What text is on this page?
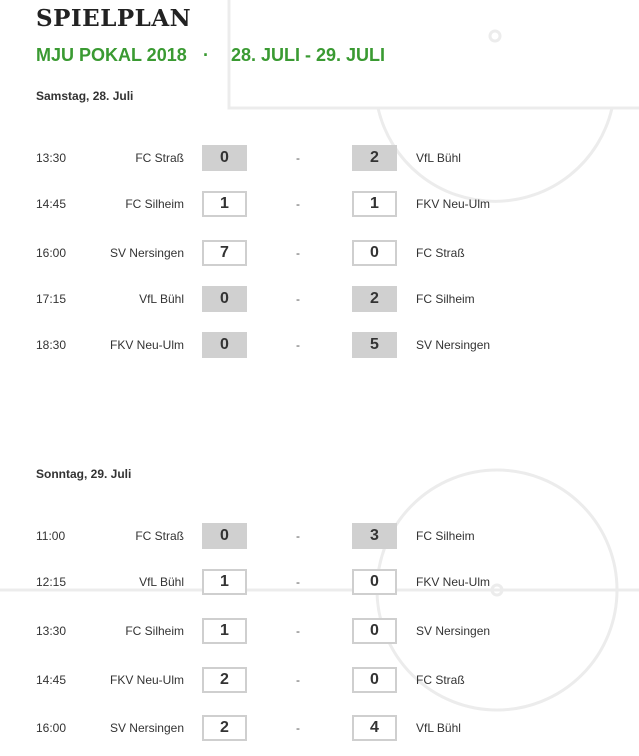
SPIELPLAN
MJU POKAL 2018 · 28. JULI - 29. JULI
Samstag, 28. Juli
13:30	FC Straß	0	-	2	VfL Bühl
14:45	FC Silheim	1	-	1	FKV Neu-Ulm
16:00	SV Nersingen	7	-	0	FC Straß
17:15	VfL Bühl	0	-	2	FC Silheim
18:30	FKV Neu-Ulm	0	-	5	SV Nersingen
Sonntag, 29. Juli
11:00	FC Straß	0	-	3	FC Silheim
12:15	VfL Bühl	1	-	0	FKV Neu-Ulm
13:30	FC Silheim	1	-	0	SV Nersingen
14:45	FKV Neu-Ulm	2	-	0	FC Straß
16:00	SV Nersingen	2	-	4	VfL Bühl
